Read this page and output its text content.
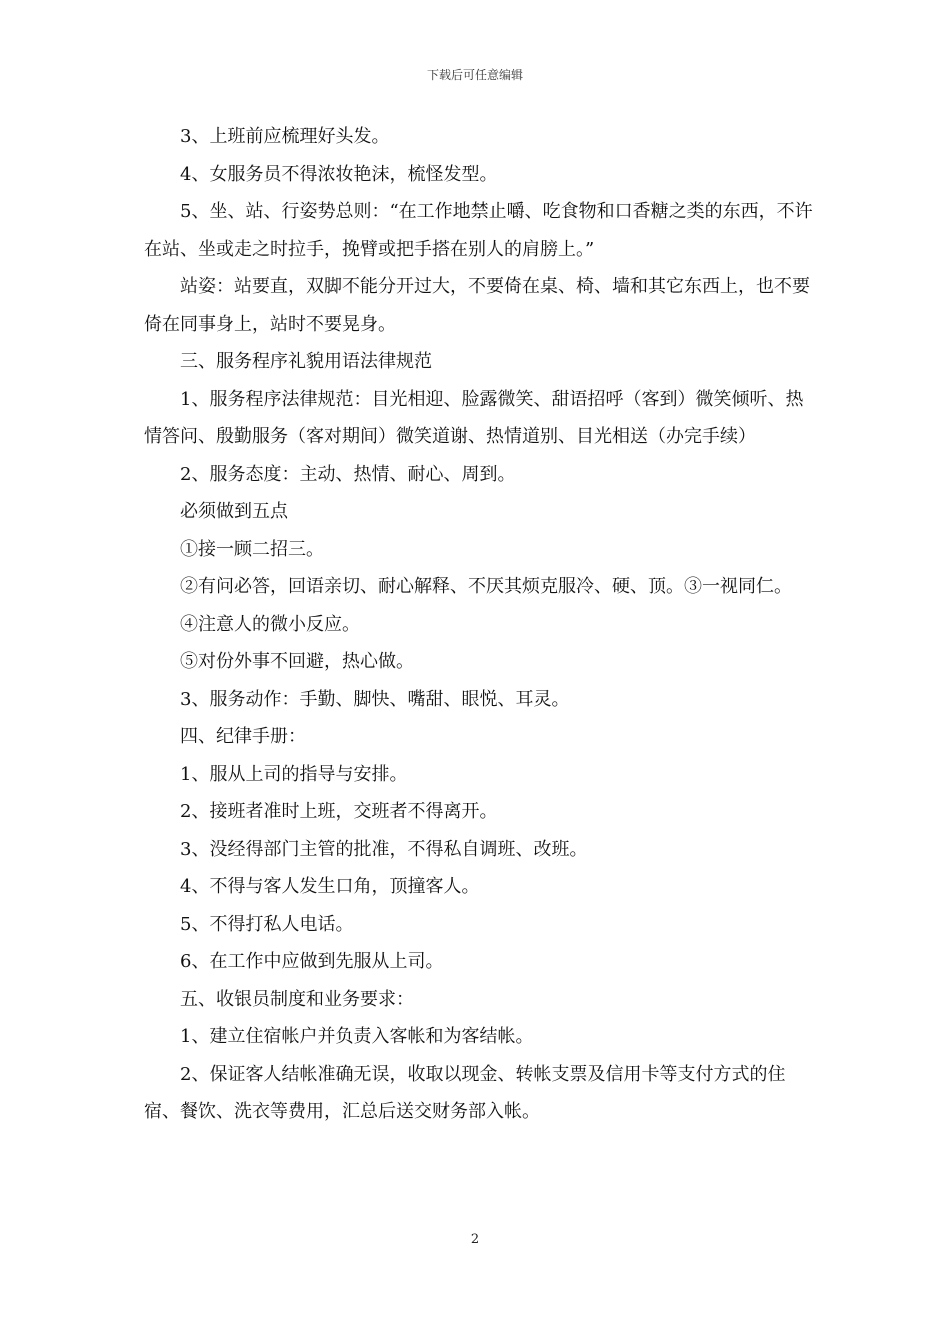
下载后可任意编辑

3、上班前应梳理好头发。

4、女服务员不得浓妆艳沫，梳怪发型。

5、坐、站、行姿势总则：“在工作地禁止嚼、吃食物和口香糖之类的东西，不许在站、坐或走之时拉手，挽臂或把手搭在别人的肩膀上。”

站姿：站要直，双脚不能分开过大，不要倚在桌、椅、墙和其它东西上，也不要倚在同事身上，站时不要晃身。

三、服务程序礼貌用语法律规范

1、服务程序法律规范：目光相迎、脸露微笑、甜语招呼（客到）微笑倾听、热情答问、殷勤服务（客对期间）微笑道谢、热情道别、目光相送（办完手续）

2、服务态度：主动、热情、耐心、周到。

必须做到五点

①接一顾二招三。

②有问必答，回语亲切、耐心解释、不厌其烦克服冷、硬、顶。③一视同仁。

④注意人的微小反应。

⑤对份外事不回避，热心做。

3、服务动作：手勤、脚快、嘴甜、眼悦、耳灵。

四、纪律手册：

1、服从上司的指导与安排。

2、接班者准时上班，交班者不得离开。

3、没经得部门主管的批准，不得私自调班、改班。

4、不得与客人发生口角，顶撞客人。

5、不得打私人电话。

6、在工作中应做到先服从上司。

五、收银员制度和业务要求：

1、建立住宿帐户并负责入客帐和为客结帐。

2、保证客人结帐准确无误，收取以现金、转帐支票及信用卡等支付方式的住宿、餐饮、洗衣等费用，汇总后送交财务部入帐。

2
